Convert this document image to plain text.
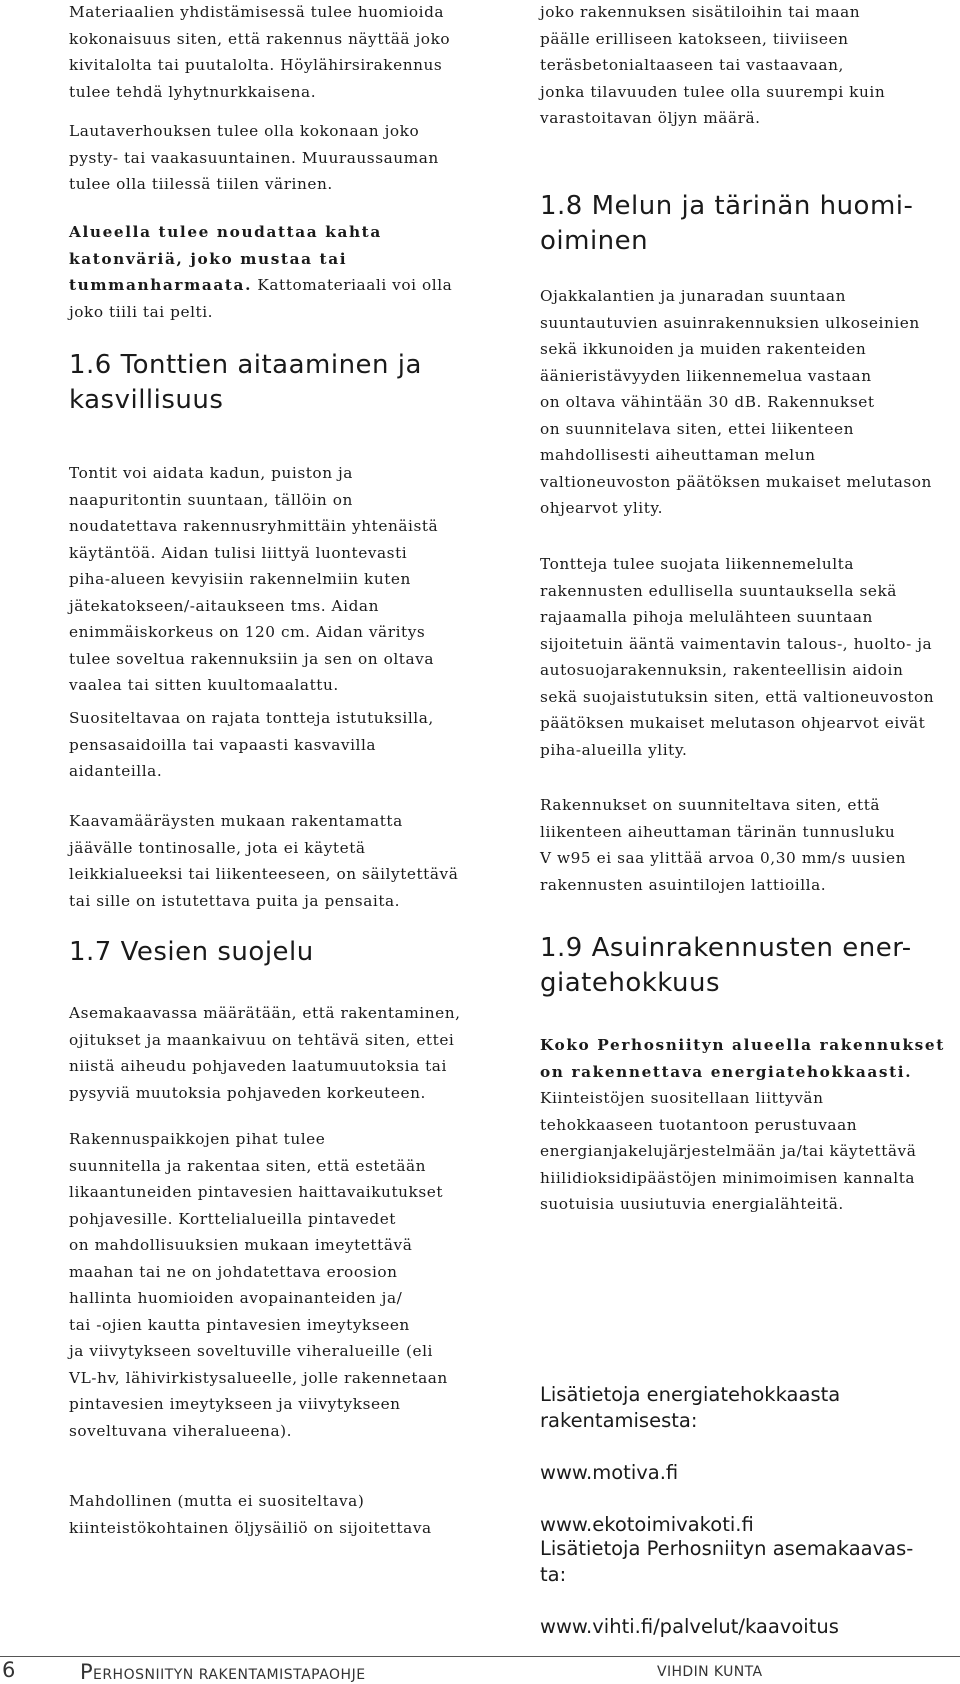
Materiaalien yhdistämisessä tulee huomioida
kokonaisuus siten, että rakennus näyttää joko
kivitalolta tai puutalolta. Höylähirsirakennus
tulee tehdä lyhytnurkkaisena.

Lautaverhouksen tulee olla kokonaan joko
pysty- tai vaakasuuntainen. Muuraussauman
tulee olla tiilessä tiilen värinen.

Alueella tulee noudattaa kahta
katonväriä, joko mustaa tai
tummanharmaata. Kattomateriaali voi olla
joko tiili tai pelti.

1.6 Tonttien aitaaminen ja
kasvillisuus

Tontit voi aidata kadun, puiston ja
naapuritontin suuntaan, tällöin on
noudatettava rakennusryhmittäin yhtenäistä
käytäntöä. Aidan tulisi liittyä luontevasti
piha-alueen kevyisiin rakennelmiin kuten
jätekatokseen/-aitaukseen tms. Aidan
enimmäiskorkeus on 120 cm. Aidan väritys
tulee soveltua rakennuksiin ja sen on oltava
vaalea tai sitten kuultomaalattu.

Suositeltavaa on rajata tontteja istutuksilla,
pensasaidoilla tai vapaasti kasvavilla
aidanteilla.

Kaavamääräysten mukaan rakentamatta
jäävälle tontinosalle, jota ei käytetä
leikkialueeksi tai liikenteeseen, on säilytettävä
tai sille on istutettava puita ja pensaita.

1.7 Vesien suojelu

Asemakaavassa määrätään, että rakentaminen,
ojitukset ja maankaivuu on tehtävä siten, ettei
niistä aiheudu pohjaveden laatumuutoksia tai
pysyviä muutoksia pohjaveden korkeuteen.

Rakennuspaikkojen pihat tulee
suunnitella ja rakentaa siten, että estetään
likaantuneiden pintavesien haittavaikutukset
pohjavesille. Korttelialueilla pintavedet
on mahdollisuuksien mukaan imeytettävä
maahan tai ne on johdatettava eroosion
hallinta huomioiden avopainanteiden ja/
tai -ojien kautta pintavesien imeytykseen
ja viivytykseen soveltuville viheralueille (eli
VL-hv, lähivirkistysalueelle, jolle rakennetaan
pintavesien imeytykseen ja viivytykseen
soveltuvana viheralueena).

Mahdollinen (mutta ei suositeltava)
kiinteistökohtainen öljysäiliö on sijoitettava

joko rakennuksen sisätiloihin tai maan
päälle erilliseen katokseen, tiiviiseen
teräsbetonialtaaseen tai vastaavaan,
jonka tilavuuden tulee olla suurempi kuin
varastoitavan öljyn määrä.

1.8 Melun ja tärinän huomi-
oiminen

Ojakkalantien ja junaradan suuntaan
suuntautuvien asuinrakennuksien ulkoseinien
sekä ikkunoiden ja muiden rakenteiden
äänieristävyyden liikennemelua vastaan
on oltava vähintään 30 dB. Rakennukset
on suunnitelava siten, ettei liikenteen
mahdollisesti aiheuttaman melun
valtioneuvoston päätöksen mukaiset melutason
ohjearvot ylity.

Tontteja tulee suojata liikennemelulta
rakennusten edullisella suuntauksella sekä
rajaamalla pihoja melulähteen suuntaan
sijoitetuin ääntä vaimentavin talous-, huolto- ja
autosuojarakennuksin, rakenteellisin aidoin
sekä suojaistutuksin siten, että valtioneuvoston
päätöksen mukaiset melutason ohjearvot eivät
piha-alueilla ylity.

Rakennukset on suunniteltava siten, että
liikenteen aiheuttaman tärinän tunnusluku
V w95 ei saa ylittää arvoa 0,30 mm/s uusien
rakennusten asuintilojen lattioilla.

1.9 Asuinrakennusten ener-
giatehokkuus

Koko Perhosniityn alueella rakennukset
on rakennettava energiatehokkaasti.
Kiinteistöjen suositellaan liittyvän
tehokkaaseen tuotantoon perustuvaan
energianjakelujärjestelmään ja/tai käytettävä
hiilidioksidipäästöjen minimoimisen kannalta
suotuisia uusiutuvia energialähteitä.

Lisätietoja energiatehokkaasta
rakentamisesta:

www.motiva.fi

www.ekotoimivakoti.fi

Lisätietoja Perhosniityn asemakaavas-
ta:

www.vihti.fi/palvelut/kaavoitus

6	PERHOSNIITYN RAKENTAMISTAPAOHJE	VIHDIN KUNTA
